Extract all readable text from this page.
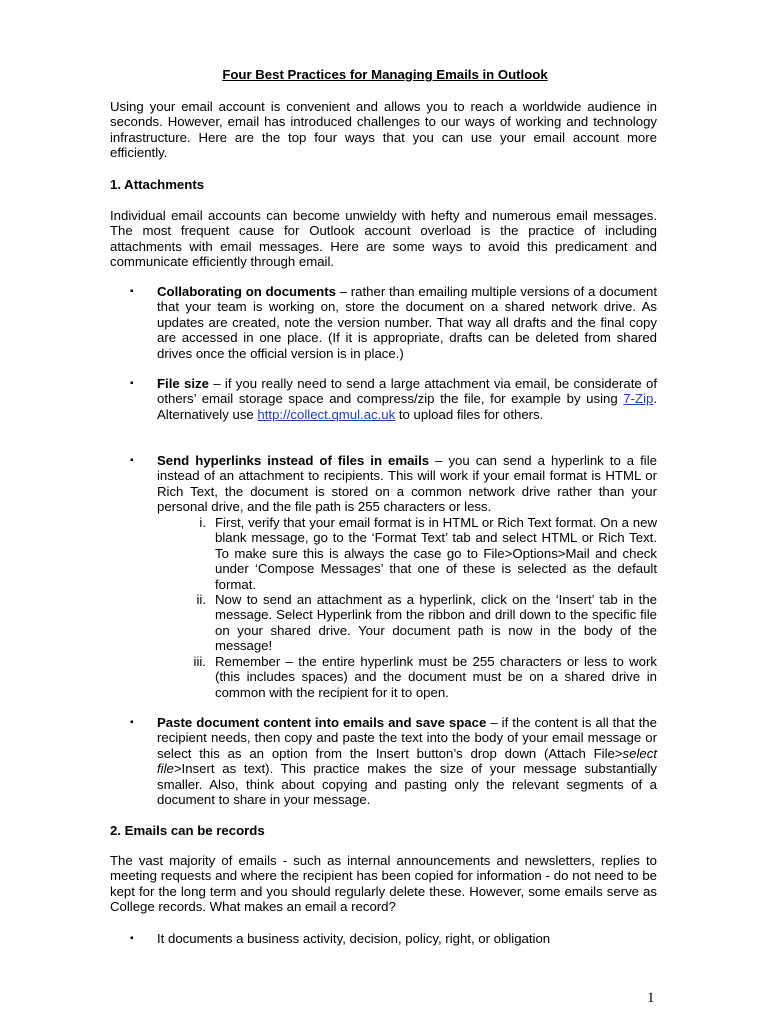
Four Best Practices for Managing Emails in Outlook

Using your email account is convenient and allows you to reach a worldwide audience in seconds. However, email has introduced challenges to our ways of working and technology infrastructure. Here are the top four ways that you can use your email account more efficiently.

1. Attachments

Individual email accounts can become unwieldy with hefty and numerous email messages. The most frequent cause for Outlook account overload is the practice of including attachments with email messages. Here are some ways to avoid this predicament and communicate efficiently through email.

▪ Collaborating on documents – rather than emailing multiple versions of a document that your team is working on, store the document on a shared network drive. As updates are created, note the version number. That way all drafts and the final copy are accessed in one place. (If it is appropriate, drafts can be deleted from shared drives once the official version is in place.)

▪ File size – if you really need to send a large attachment via email, be considerate of others’ email storage space and compress/zip the file, for example by using 7-Zip. Alternatively use http://collect.qmul.ac.uk to upload files for others.

▪ Send hyperlinks instead of files in emails – you can send a hyperlink to a file instead of an attachment to recipients. This will work if your email format is HTML or Rich Text, the document is stored on a common network drive rather than your personal drive, and the file path is 255 characters or less.

i. First, verify that your email format is in HTML or Rich Text format. On a new blank message, go to the ‘Format Text’ tab and select HTML or Rich Text. To make sure this is always the case go to File>Options>Mail and check under ‘Compose Messages’ that one of these is selected as the default format.

ii. Now to send an attachment as a hyperlink, click on the ‘Insert’ tab in the message. Select Hyperlink from the ribbon and drill down to the specific file on your shared drive. Your document path is now in the body of the message!

iii. Remember – the entire hyperlink must be 255 characters or less to work (this includes spaces) and the document must be on a shared drive in common with the recipient for it to open.

▪ Paste document content into emails and save space – if the content is all that the recipient needs, then copy and paste the text into the body of your email message or select this as an option from the Insert button’s drop down (Attach File>select file>Insert as text). This practice makes the size of your message substantially smaller. Also, think about copying and pasting only the relevant segments of a document to share in your message.

2. Emails can be records

The vast majority of emails - such as internal announcements and newsletters, replies to meeting requests and where the recipient has been copied for information - do not need to be kept for the long term and you should regularly delete these. However, some emails serve as College records. What makes an email a record?

▪ It documents a business activity, decision, policy, right, or obligation

1
